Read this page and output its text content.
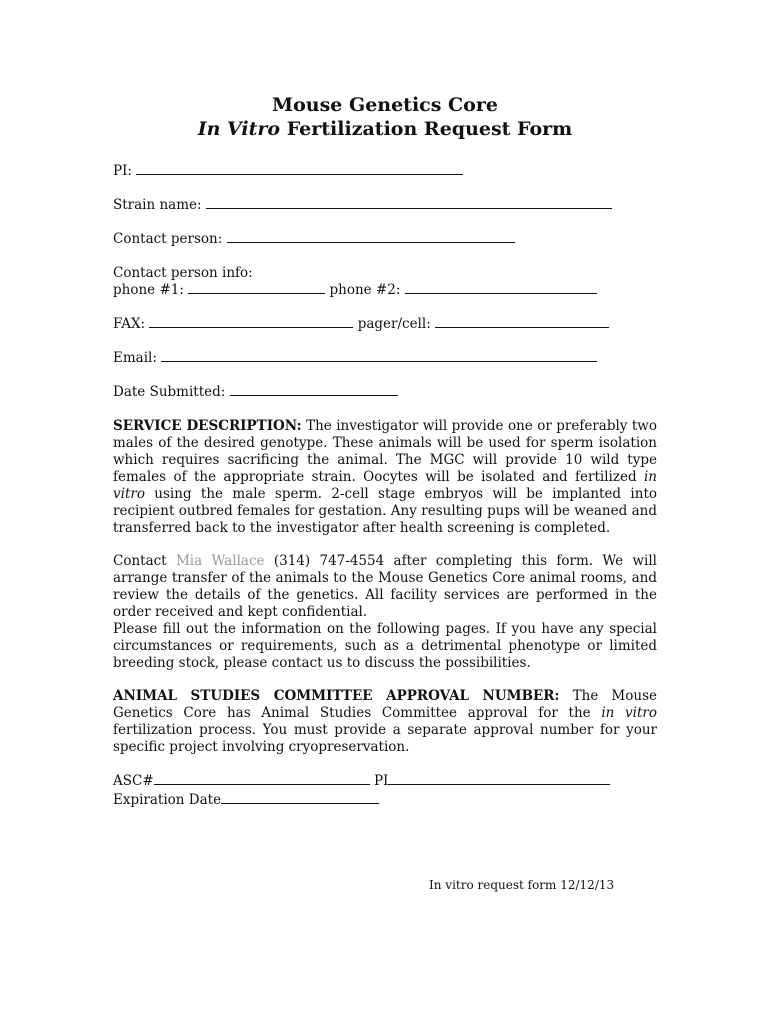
Mouse Genetics Core
In Vitro Fertilization Request Form
PI:
Strain name:
Contact person:
Contact person info:
phone #1:	phone #2:
FAX:	pager/cell:
Email:
Date Submitted:
SERVICE DESCRIPTION: The investigator will provide one or preferably two males of the desired genotype. These animals will be used for sperm isolation which requires sacrificing the animal. The MGC will provide 10 wild type females of the appropriate strain. Oocytes will be isolated and fertilized in vitro using the male sperm. 2-cell stage embryos will be implanted into recipient outbred females for gestation. Any resulting pups will be weaned and transferred back to the investigator after health screening is completed.
Contact Mia Wallace (314) 747-4554 after completing this form. We will arrange transfer of the animals to the Mouse Genetics Core animal rooms, and review the details of the genetics. All facility services are performed in the order received and kept confidential.
Please fill out the information on the following pages. If you have any special circumstances or requirements, such as a detrimental phenotype or limited breeding stock, please contact us to discuss the possibilities.
ANIMAL STUDIES COMMITTEE APPROVAL NUMBER: The Mouse Genetics Core has Animal Studies Committee approval for the in vitro fertilization process. You must provide a separate approval number for your specific project involving cryopreservation.
ASC#	PI
Expiration Date
In vitro request form 12/12/13
